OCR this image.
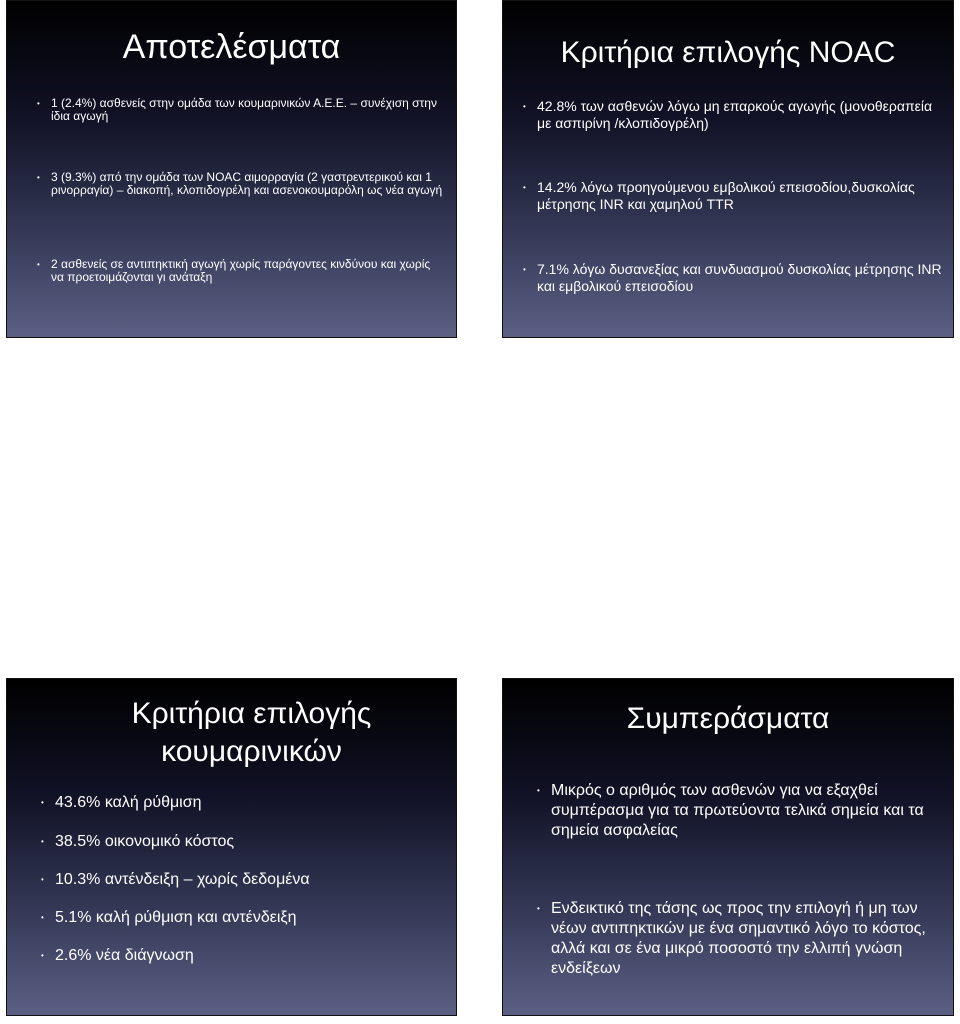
Αποτελέσματα
• 1 (2.4%) ασθενείς στην ομάδα των κουμαρινικών Α.Ε.Ε. – συνέχιση στην ίδια αγωγή
• 3 (9.3%) από την ομάδα των NOAC αιμορραγία (2 γαστρεντερικού και 1 ρινορραγία) – διακοπή, κλοπιδογρέλη και ασενοκουμαρόλη ως νέα αγωγή
• 2 ασθενείς σε αντιπηκτική αγωγή χωρίς παράγοντες κινδύνου και χωρίς να προετοιμάζονται γι ανάταξη
Κριτήρια επιλογής NOAC
• 42.8% των ασθενών λόγω μη επαρκούς αγωγής (μονοθεραπεία με ασπιρίνη /κλοπιδογρέλη)
• 14.2% λόγω προηγούμενου εμβολικού επεισοδίου,δυσκολίας μέτρησης INR και χαμηλού TTR
• 7.1% λόγω δυσανεξίας και συνδυασμού δυσκολίας μέτρησης INR και εμβολικού επεισοδίου
Κριτήρια επιλογής κουμαρινικών
• 43.6% καλή ρύθμιση
• 38.5% οικονομικό κόστος
• 10.3% αντένδειξη – χωρίς δεδομένα
• 5.1% καλή ρύθμιση και αντένδειξη
• 2.6% νέα διάγνωση
Συμπεράσματα
• Μικρός ο αριθμός των ασθενών για να εξαχθεί συμπέρασμα για τα πρωτεύοντα τελικά σημεία και τα σημεία ασφαλείας
• Ενδεικτικό της τάσης ως προς την επιλογή ή μη των νέων αντιπηκτικών με ένα σημαντικό λόγο το κόστος, αλλά και σε ένα μικρό ποσοστό την ελλιπή γνώση ενδείξεων
